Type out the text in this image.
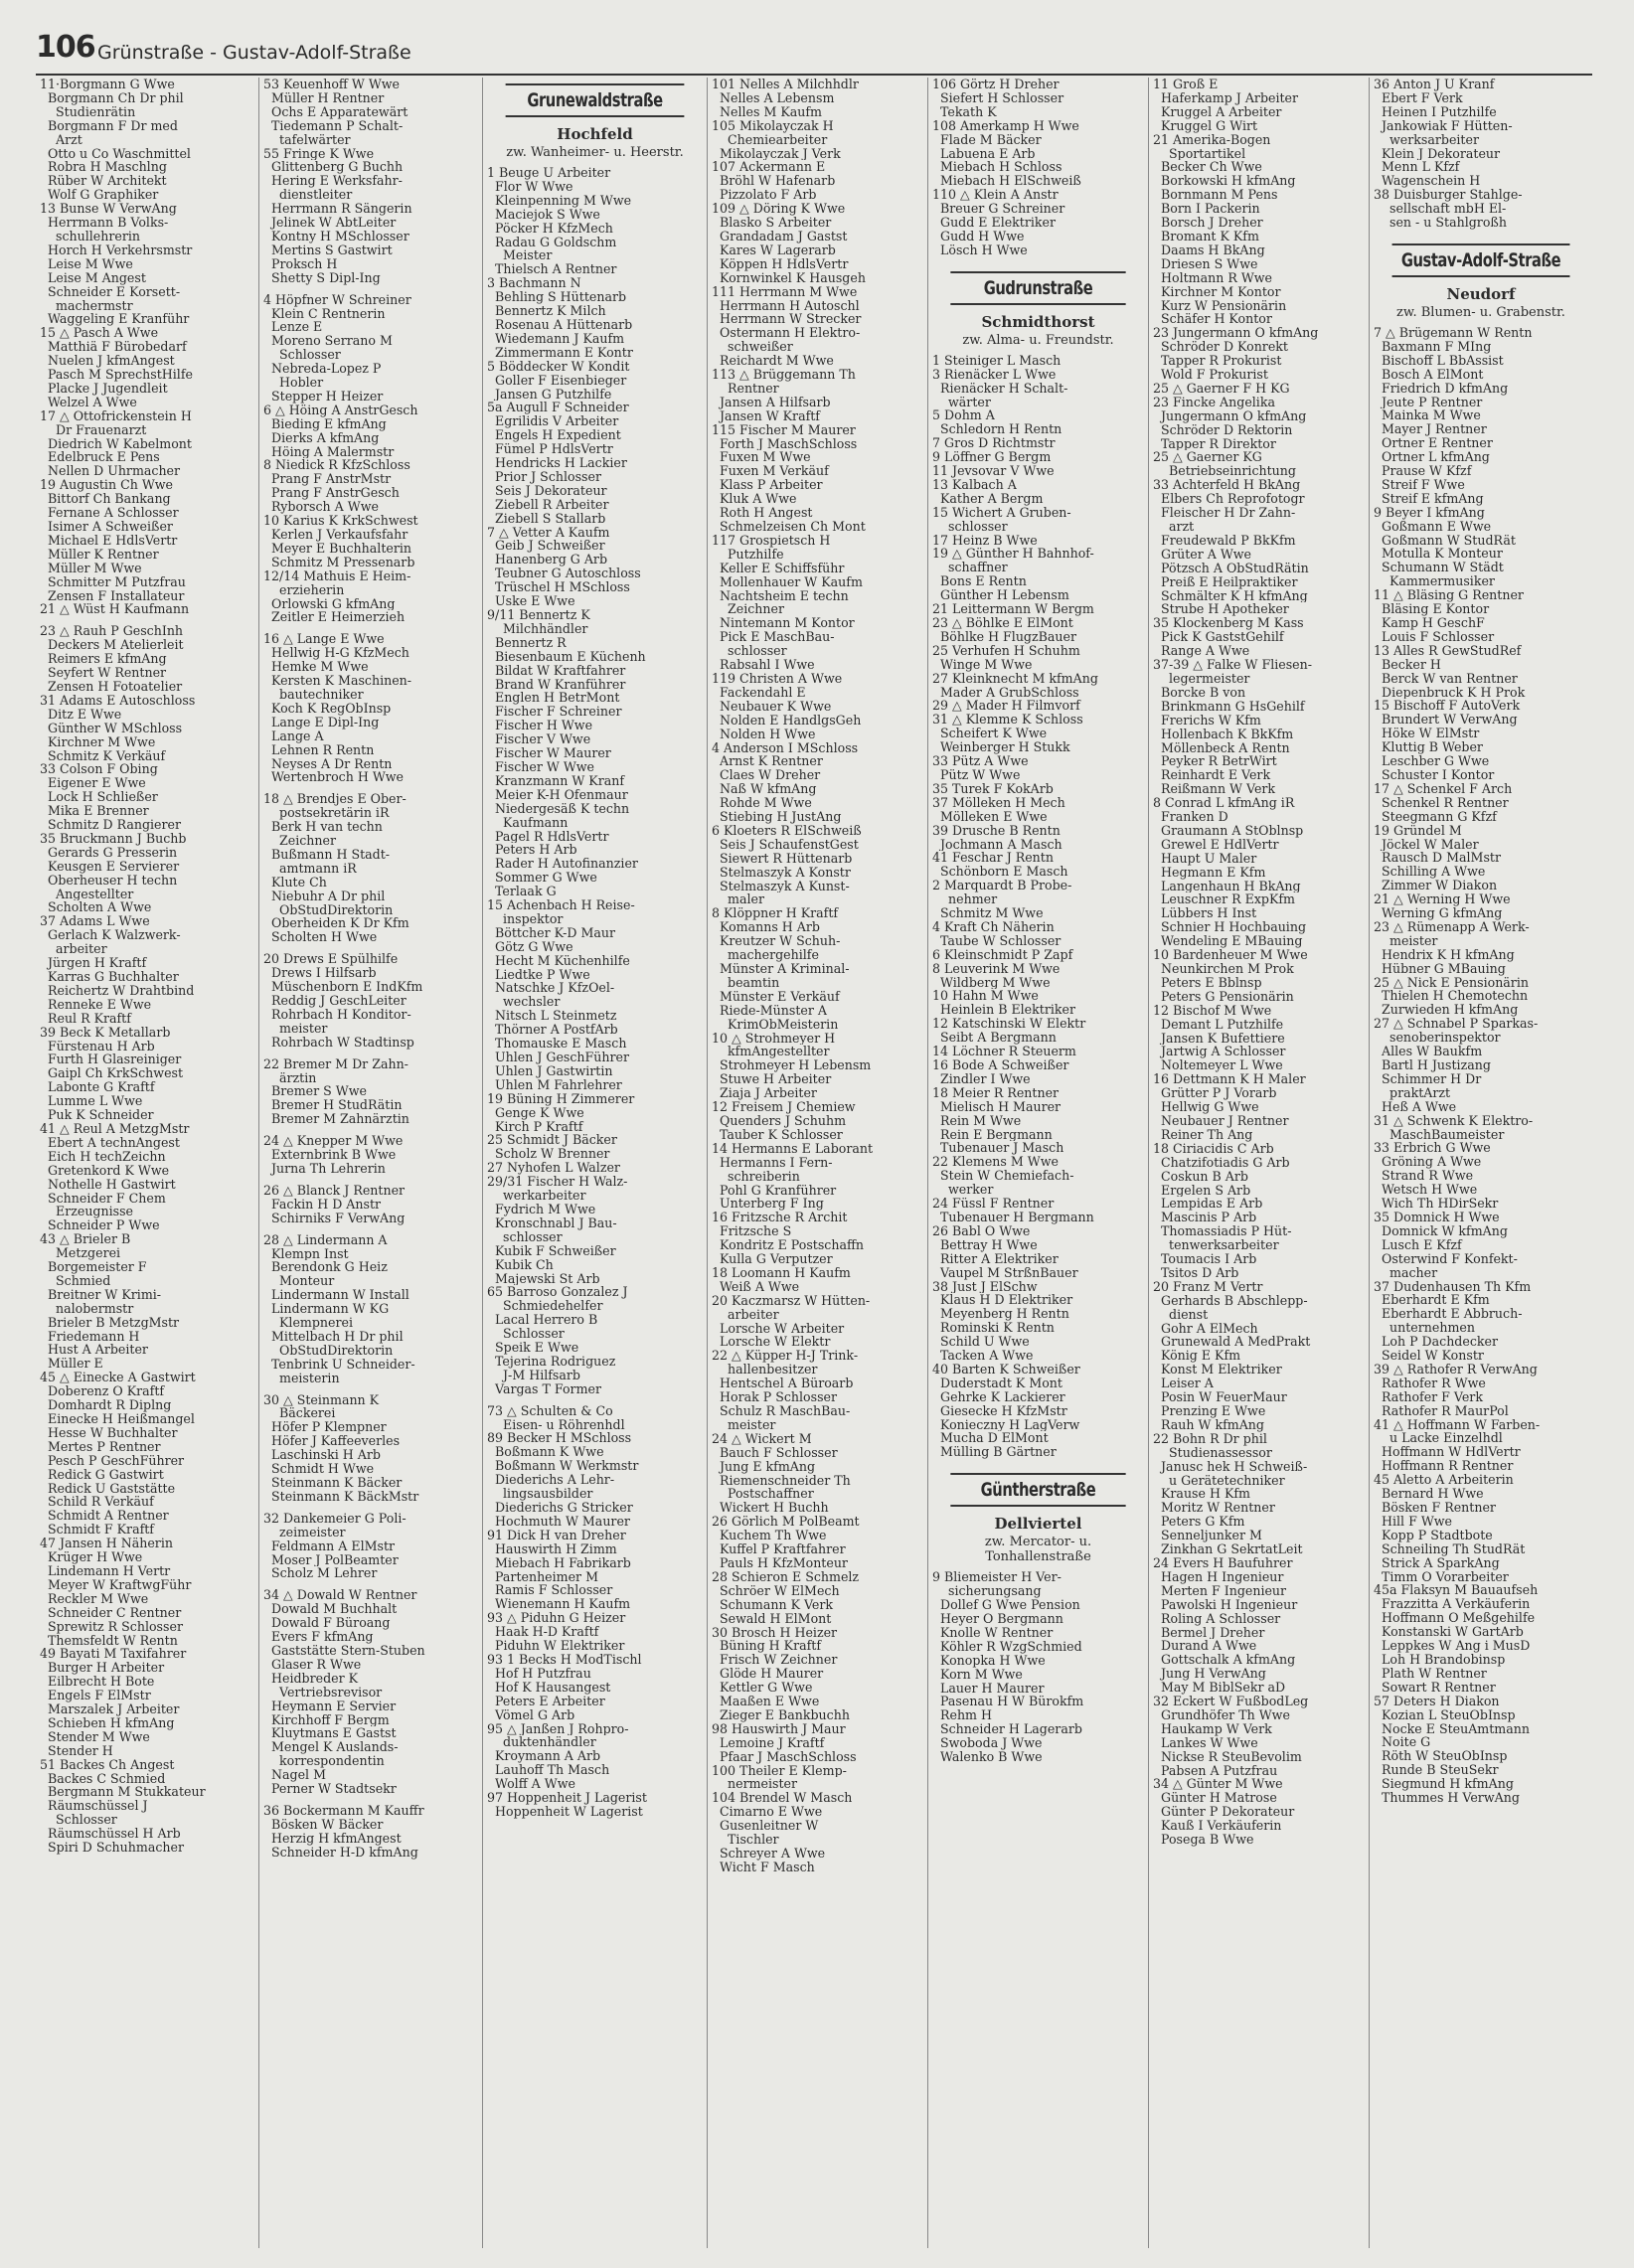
106 Grünstraße - Gustav-Adolf-Straße
11·Borgmann G Wwe
Borgmann Ch Dr phil
Studienrätin
Borgmann F Dr med
Arzt
Otto u Co Waschmittel
Robra H Maschlng
Rüber W Architekt
Wolf G Graphiker
13 Bunse W VerwAng
Herrmann B Volks-
schullehrerin
Horch H Verkehrsmstr
Leise M Wwe
Leise M Angest
Schneider E Korsett-
machermstr
Waggeling E Kranführ
15 △ Pasch A Wwe
Matthiä F Bürobedarf
Nuelen J kfmAngest
Pasch M SprechstHilfe
Placke J Jugendleit
Welzel A Wwe
17 △ Ottofrickenstein H
Dr Frauenarzt
Diedrich W Kabelmont
Edelbruck E Pens
Nellen D Uhrmacher
19 Augustin Ch Wwe
Bittorf Ch Bankang
Fernane A Schlosser
Isimer A Schweißer
Michael E HdlsVertr
Müller K Rentner
Müller M Wwe
Schmitter M Putzfrau
Zensen F Installateur
21 △ Wüst H Kaufmann
23 △ Rauh P GeschInh
Deckers M Atelierleit
Reimers E kfmAng
Seyfert W Rentner
Zensen H Fotoatelier
31 Adams E Autoschloss
Ditz E Wwe
Günther W MSchloss
Kirchner M Wwe
Schmitz K Verkäuf
33 Colson F Obing
Eigener E Wwe
Lock H Schließer
Mika E Brenner
Schmitz D Rangierer
35 Bruckmann J Buchb
Gerards G Presserin
Keusgen E Servierer
Oberheuser H techn
Angestellter
Scholten A Wwe
37 Adams L Wwe
Gerlach K Walzwerk-
arbeiter
Jürgen H Kraftf
Karras G Buchhalter
Reichertz W Drahtbind
Renneke E Wwe
Reul R Kraftf
39 Beck K Metallarb
Fürstenau H Arb
Furth H Glasreiniger
Gaipl Ch KrkSchwest
Labonte G Kraftf
Lumme L Wwe
Puk K Schneider
41 △ Reul A MetzgMstr
Ebert A technAngest
Eich H techZeichn
Gretenkord K Wwe
Nothelle H Gastwirt
Schneider F Chem
Erzeugnisse
Schneider P Wwe
43 △ Brieler B
Metzgerei
Borgemeister F
Schmied
Breitner W Krimi-
nalobermstr
Brieler B MetzgMstr
Friedemann H
Hust A Arbeiter
Müller E
45 △ Einecke A Gastwirt
Doberenz O Kraftf
Domhardt R Diplng
Einecke H Heißmangel
Hesse W Buchhalter
Mertes P Rentner
Pesch P GeschFührer
Redick G Gastwirt
Redick U Gaststätte
Schild R Verkäuf
Schmidt A Rentner
Schmidt F Kraftf
47 Jansen H Näherin
Krüger H Wwe
Lindemann H Vertr
Meyer W KraftwgFühr
Reckler M Wwe
Schneider C Rentner
Sprewitz R Schlosser
Themsfeldt W Rentn
49 Bayati M Taxifahrer
Burger H Arbeiter
Eilbrecht H Bote
Engels F ElMstr
Marszalek J Arbeiter
Schieben H kfmAng
Stender M Wwe
Stender H
51 Backes Ch Angest
Backes C Schmied
Bergmann M Stukkateur
Räumschüssel J
Schlosser
Räumschüssel H Arb
Spiri D Schuhmacher
53 Keuenhoff W Wwe
Müller H Rentner
Ochs E Apparatewärt
Tiedemann P Schalt-
tafelwärter
55 Fringe K Wwe
Glittenberg G Buchh
Hering E Werksfahr-
dienstleiter
Herrmann R Sängerin
Jelinek W AbtLeiter
Kontny H MSchlosser
Mertins S Gastwirt
Proksch H
Shetty S Dipl-Ing
4 Höpfner W Schreiner
Klein C Rentnerin
Lenze E
Moreno Serrano M
Schlosser
Nebreda-Lopez P
Hobler
Stepper H Heizer
6 △ Höing A AnstrGesch
Bieding E kfmAng
Dierks A kfmAng
Höing A Malermstr
8 Niedick R KfzSchloss
Prang F AnstrMstr
Prang F AnstrGesch
Ryborsch A Wwe
10 Karius K KrkSchwest
Kerlen J Verkaufsfahr
Meyer E Buchhalterin
Schmitz M Pressenarb
12/14 Mathuis E Heim-
erzieherin
Orlowski G kfmAng
Zeitler E Heimerzieh
16 △ Lange E Wwe
Hellwig H-G KfzMech
Hemke M Wwe
Kersten K Maschinen-
bautechniker
Koch K RegObInsp
Lange E Dipl-Ing
Lange A
Lehnen R Rentn
Neyses A Dr Rentn
Wertenbroch H Wwe
18 △ Brendjes E Ober-
postsekretärin iR
Berk H van techn
Zeichner
Bußmann H Stadt-
amtmann iR
Klute Ch
Niebuhr A Dr phil
ObStudDirektorin
Oberheiden K Dr Kfm
Scholten H Wwe
20 Drews E Spülhilfe
Drews I Hilfsarb
Müschenborn E IndKfm
Reddig J GeschLeiter
Rohrbach H Konditor-
meister
Rohrbach W Stadtinsp
22 Bremer M Dr Zahn-
ärztin
Bremer S Wwe
Bremer H StudRätin
Bremer M Zahnärztin
24 △ Knepper M Wwe
Externbrink B Wwe
Jurna Th Lehrerin
26 △ Blanck J Rentner
Fackin H D Anstr
Schirniks F VerwAng
28 △ Lindermann A
Klempn Inst
Berendonk G Heiz
Monteur
Lindermann W Install
Lindermann W KG
Klempnerei
Mittelbach H Dr phil
ObStudDirektorin
Tenbrink U Schneider-
meisterin
30 △ Steinmann K
Bäckerei
Höfer P Klempner
Höfer J Kaffeeverles
Laschinski H Arb
Schmidt H Wwe
Steinmann K Bäcker
Steinmann K BäckMstr
32 Dankemeier G Poli-
zeimeister
Feldmann A ElMstr
Moser J PolBeamter
Scholz M Lehrer
34 △ Dowald W Rentner
Dowald M Buchhalt
Dowald F Büroang
Evers F kfmAng
Gaststätte Stern-Stuben
Glaser R Wwe
Heidbreder K
Vertriebsrevisor
Heymann E Servier
Kirchhoff F Bergm
Kluytmans E Gastst
Mengel K Auslands-
korrespondentin
Nagel M
Perner W Stadtsekr
36 Bockermann M Kauffr
Bösken W Bäcker
Herzig H kfmAngest
Schneider H-D kfmAng
Grunewaldstraße
Hochfeld
zw. Wanheimer- u. Heerstr.
1 Beuge U Arbeiter
Flor W Wwe
Kleinpenning M Wwe
Maciejok S Wwe
Pöcker H KfzMech
Radau G Goldschm
Meister
Thielsch A Rentner
3 Bachmann N
Behling S Hüttenarb
Bennertz K Milch
Rosenau A Hüttenarb
Wiedemann J Kaufm
Zimmermann E Kontr
5 Böddecker W Kondit
Goller F Eisenbieger
Jansen G Putzhilfe
5a Augull F Schneider
Egrilidis V Arbeiter
Engels H Expedient
Fümel P HdlsVertr
Hendricks H Lackier
Prior J Schlosser
Seis J Dekorateur
Ziebell R Arbeiter
Ziebell S Stallarb
7 △ Vetter A Kaufm
Geib J Schweißer
Hanenberg G Arb
Teubner G Autoschloss
Trüschel H MSchloss
Uske E Wwe
9/11 Bennertz K
Milchhändler
Bennertz R
Biesenbaum E Küchenh
Bildat W Kraftfahrer
Brand W Kranführer
Englen H BetrMont
Fischer F Schreiner
Fischer H Wwe
Fischer V Wwe
Fischer W Maurer
Fischer W Wwe
Kranzmann W Kranf
Meier K-H Ofenmaur
Niedergesäß K techn
Kaufmann
Pagel R HdlsVertr
Peters H Arb
Rader H Autofinanzier
Sommer G Wwe
Terlaak G
15 Achenbach H Reise-
inspektor
Böttcher K-D Maur
Götz G Wwe
Hecht M Küchenhilfe
Liedtke P Wwe
Natschke J KfzOel-
wechsler
Nitsch L Steinmetz
Thörner A PostfArb
Thomauske E Masch
Uhlen J GeschFührer
Uhlen J Gastwirtin
Uhlen M Fahrlehrer
19 Büning H Zimmerer
Genge K Wwe
Kirch P Kraftf
25 Schmidt J Bäcker
Scholz W Brenner
27 Nyhofen L Walzer
29/31 Fischer H Walz-
werkarbeiter
Fydrich M Wwe
Kronschnabl J Bau-
schlosser
Kubik F Schweißer
Kubik Ch
Majewski St Arb
65 Barroso Gonzalez J
Schmiedehelfer
Lacal Herrero B
Schlosser
Speik E Wwe
Tejerina Rodriguez
J-M Hilfsarb
Vargas T Former
73 △ Schulten & Co
Eisen- u Röhrenhdl
89 Becker H MSchloss
Boßmann K Wwe
Boßmann W Werkmstr
Diederichs A Lehr-
lingsausbilder
Diederichs G Stricker
Hochmuth W Maurer
91 Dick H van Dreher
Hauswirth H Zimm
Miebach H Fabrikarb
Partenheimer M
Ramis F Schlosser
Wienemann H Kaufm
93 △ Piduhn G Heizer
Haak H-D Kraftf
Piduhn W Elektriker
93 1 Becks H ModTischl
Hof H Putzfrau
Hof K Hausangest
Peters E Arbeiter
Vömel G Arb
95 △ Janßen J Rohpro-
duktenhändler
Kroymann A Arb
Lauhoff Th Masch
Wolff A Wwe
97 Hoppenheit J Lagerist
Hoppenheit W Lagerist
101 Nelles A Milchhdlr
Nelles A Lebensm
Nelles M Kaufm
105 Mikolayczak H
Chemiearbeiter
Mikolayczak J Verk
107 Ackermann E
Bröhl W Hafenarb
Pizzolato F Arb
109 △ Döring K Wwe
Blasko S Arbeiter
Grandadam J Gastst
Kares W Lagerarb
Köppen H HdlsVertr
Kornwinkel K Hausgeh
111 Herrmann M Wwe
Herrmann H Autoschl
Herrmann W Strecker
Ostermann H Elektro-
schweißer
Reichardt M Wwe
113 △ Brüggemann Th
Rentner
Jansen A Hilfsarb
Jansen W Kraftf
115 Fischer M Maurer
Forth J MaschSchloss
Fuxen M Wwe
Fuxen M Verkäuf
Klass P Arbeiter
Kluk A Wwe
Roth H Angest
Schmelzeisen Ch Mont
117 Grospietsch H
Putzhilfe
Keller E Schiffsführ
Mollenhauer W Kaufm
Nachtsheim E techn
Zeichner
Nintemann M Kontor
Pick E MaschBau-
schlosser
Rabsahl I Wwe
119 Christen A Wwe
Fackendahl E
Neubauer K Wwe
Nolden E HandlgsGeh
Nolden H Wwe
4 Anderson I MSchloss
Arnst K Rentner
Claes W Dreher
Naß W kfmAng
Rohde M Wwe
Stiebing H JustAng
6 Kloeters R ElSchweiß
Seis J SchaufenstGest
Siewert R Hüttenarb
Stelmaszyk A Konstr
Stelmaszyk A Kunst-
maler
8 Klöppner H Kraftf
Komanns H Arb
Kreutzer W Schuh-
machergehilfe
Münster A Kriminal-
beamtin
Münster E Verkäuf
Riede-Münster A
KrimObMeisterin
10 △ Strohmeyer H
kfmAngestellter
Strohmeyer H Lebensm
Stuwe H Arbeiter
Ziaja J Arbeiter
12 Freisem J Chemiew
Quenders J Schuhm
Tauber K Schlosser
14 Hermanns E Laborant
Hermanns I Fern-
schreiberin
Pohl G Kranführer
Unterberg F Ing
16 Fritzsche R Archit
Fritzsche S
Kondritz E Postschaffn
Kulla G Verputzer
18 Loomann H Kaufm
Weiß A Wwe
20 Kaczmarsz W Hütten-
arbeiter
Lorsche W Arbeiter
Lorsche W Elektr
22 △ Küpper H-J Trink-
hallenbesitzer
Hentschel A Büroarb
Horak P Schlosser
Schulz R MaschBau-
meister
24 △ Wickert M
Bauch F Schlosser
Jung E kfmAng
Riemenschneider Th
Postschaffner
Wickert H Buchh
26 Görlich M PolBeamt
Kuchem Th Wwe
Kuffel P Kraftfahrer
Pauls H KfzMonteur
28 Schieron E Schmelz
Schröer W ElMech
Schumann K Verk
Sewald H ElMont
30 Brosch H Heizer
Büning H Kraftf
Frisch W Zeichner
Glöde H Maurer
Kettler G Wwe
Maaßen E Wwe
Zieger E Bankbuchh
98 Hauswirth J Maur
Lemoine J Kraftf
Pfaar J MaschSchloss
100 Theiler E Klemp-
nermeister
104 Brendel W Masch
Cimarno E Wwe
Gusenleitner W
Tischler
Schreyer A Wwe
Wicht F Masch
106 Görtz H Dreher
Siefert H Schlosser
Tekath K
108 Amerkamp H Wwe
Flade M Bäcker
Labuena E Arb
Miebach H Schloss
Miebach H ElSchweiß
110 △ Klein A Anstr
Breuer G Schreiner
Gudd E Elektriker
Gudd H Wwe
Lösch H Wwe
Gudrunstraße
Schmidthorst
zw. Alma- u. Freundstr.
1 Steiniger L Masch
3 Rienäcker L Wwe
Rienäcker H Schalt-
wärter
5 Dohm A
Schledorn H Rentn
7 Gros D Richtmstr
9 Löffner G Bergm
11 Jevsovar V Wwe
13 Kalbach A
Kather A Bergm
15 Wichert A Gruben-
schlosser
17 Heinz B Wwe
19 △ Günther H Bahnhof-
schaffner
Bons E Rentn
Günther H Lebensm
21 Leittermann W Bergm
23 △ Böhlke E ElMont
Böhlke H FlugzBauer
25 Verhufen H Schuhm
Winge M Wwe
27 Kleinknecht M kfmAng
Mader A GrubSchloss
29 △ Mader H Filmvorf
31 △ Klemme K Schloss
Scheifert K Wwe
Weinberger H Stukk
33 Pütz A Wwe
Pütz W Wwe
35 Turek F KokArb
37 Mölleken H Mech
Mölleken E Wwe
39 Drusche B Rentn
Jochmann A Masch
41 Feschar J Rentn
Schönborn E Masch
2 Marquardt B Probe-
nehmer
Schmitz M Wwe
4 Kraft Ch Näherin
Taube W Schlosser
6 Kleinschmidt P Zapf
8 Leuverink M Wwe
Wildberg M Wwe
10 Hahn M Wwe
Heinlein B Elektriker
12 Katschinski W Elektr
Seibt A Bergmann
14 Löchner R Steuerm
16 Bode A Schweißer
Zindler I Wwe
18 Meier R Rentner
Mielisch H Maurer
Rein M Wwe
Rein E Bergmann
Tubenauer J Masch
22 Klemens M Wwe
Stein W Chemiefach-
werker
24 Füssl F Rentner
Tubenauer H Bergmann
26 Babl O Wwe
Bettray H Wwe
Ritter A Elektriker
Vaupel M StrßnBauer
38 Just J ElSchw
Klaus H D Elektriker
Meyenberg H Rentn
Rominski K Rentn
Schild U Wwe
Tacken A Wwe
40 Barten K Schweißer
Duderstadt K Mont
Gehrke K Lackierer
Giesecke H KfzMstr
Konieczny H LagVerw
Mucha D ElMont
Mülling B Gärtner
Güntherstraße
Dellviertel
zw. Mercator- u. Tonhallenstraße
9 Bliemeister H Ver-
sicherungsang
Dollef G Wwe Pension
Heyer O Bergmann
Knolle W Rentner
Köhler R WzgSchmied
Konopka H Wwe
Korn M Wwe
Lauer H Maurer
Pasenau H W Bürokfm
Rehm H
Schneider H Lagerarb
Swoboda J Wwe
Walenko B Wwe
11 Groß E
Haferkamp J Arbeiter
Kruggel A Arbeiter
Kruggel G Wirt
21 Amerika-Bogen
Sportartikel
Becker Ch Wwe
Borkowski H kfmAng
Bornmann M Pens
Born I Packerin
Borsch J Dreher
Bromant K Kfm
Daams H BkAng
Driesen S Wwe
Holtmann R Wwe
Kirchner M Kontor
Kurz W Pensionärin
Schäfer H Kontor
23 Jungermann O kfmAng
Schröder D Konrekt
Tapper R Prokurist
Wold F Prokurist
25 △ Gaerner F H KG
23 Fincke Angelika
Jungermann O kfmAng
Schröder D Rektorin
Tapper R Direktor
25 △ Gaerner KG
Betriebseinrichtung
33 Achterfeld H BkAng
Elbers Ch Reprofotogr
Fleischer H Dr Zahn-
arzt
Freudewald P BkKfm
Grüter A Wwe
Pötzsch A ObStudRätin
Preiß E Heilpraktiker
Schmälter K H kfmAng
Strube H Apotheker
35 Klockenberg M Kass
Pick K GaststGehilf
Range A Wwe
37-39 △ Falke W Fliesen-
legermeister
Borcke B von
Brinkmann G HsGehilf
Frerichs W Kfm
Hollenbach K BkKfm
Möllenbeck A Rentn
Peyker R BetrWirt
Reinhardt E Verk
Reißmann W Verk
8 Conrad L kfmAng iR
Franken D
Graumann A StOblnsp
Grewel E HdlVertr
Haupt U Maler
Hegmann E Kfm
Langenhaun H BkAng
Leuschner R ExpKfm
Lübbers H Inst
Schnier H Hochbauing
Wendeling E MBauing
10 Bardenheuer M Wwe
Neunkirchen M Prok
Peters E Bblnsp
Peters G Pensionärin
12 Bischof M Wwe
Demant L Putzhilfe
Jansen K Bufettiere
Jartwig A Schlosser
Noltemeyer L Wwe
16 Dettmann K H Maler
Grütter P J Vorarb
Hellwig G Wwe
Neubauer J Rentner
Reiner Th Ang
18 Ciriacidis C Arb
Chatzifotiadis G Arb
Coskun B Arb
Ergelen S Arb
Lempidas E Arb
Mascinis P Arb
Thomassiadis P Hüt-
tenwerksarbeiter
Toumacis I Arb
Tsitos D Arb
20 Franz M Vertr
Gerhards B Abschlepp-
dienst
Gohr A ElMech
Grunewald A MedPrakt
König E Kfm
Konst M Elektriker
Leiser A
Posin W FeuerMaur
Prenzing E Wwe
Rauh W kfmAng
22 Bohn R Dr phil
Studienassessor
Janusc hek H Schweiß-
u Gerätetechniker
Krause H Kfm
Moritz W Rentner
Peters G Kfm
Senneljunker M
Zinkhan G SekrtatLeit
24 Evers H Baufuhrer
Hagen H Ingenieur
Merten F Ingenieur
Pawolski H Ingenieur
Roling A Schlosser
Bermel J Dreher
Durand A Wwe
Gottschalk A kfmAng
Jung H VerwAng
May M BiblSekr aD
32 Eckert W FußbodLeg
Grundhöfer Th Wwe
Haukamp W Verk
Lankes W Wwe
Nickse R SteuBevolim
Pabsen A Putzfrau
34 △ Günter M Wwe
Günter H Matrose
Günter P Dekorateur
Kauß I Verkäuferin
Posega B Wwe
36 Anton J U Kranf
Ebert F Verk
Heinen I Putzhilfe
Jankowiak F Hütten-
werksarbeiter
Klein J Dekorateur
Menn L Kfzf
Wagenschein H
38 Duisburger Stahlge-
sellschaft mbH El-
sen - u Stahlgroßh
Gustav-Adolf-Straße
Neudorf
zw. Blumen- u. Grabenstr.
7 △ Brügemann W Rentn
Baxmann F MIng
Bischoff L BbAssist
Bosch A ElMont
Friedrich D kfmAng
Jeute P Rentner
Mainka M Wwe
Mayer J Rentner
Ortner E Rentner
Ortner L kfmAng
Prause W Kfzf
Streif F Wwe
Streif E kfmAng
9 Beyer I kfmAng
Goßmann E Wwe
Goßmann W StudRät
Motulla K Monteur
Schumann W Städt
Kammermusiker
11 △ Bläsing G Rentner
Bläsing E Kontor
Kamp H GeschF
Louis F Schlosser
13 Alles R GewStudRef
Becker H
Berck W van Rentner
Diepenbruck K H Prok
15 Bischoff F AutoVerk
Brundert W VerwAng
Höke W ElMstr
Kluttig B Weber
Leschber G Wwe
Schuster I Kontor
17 △ Schenkel F Arch
Schenkel R Rentner
Steegmann G Kfzf
19 Gründel M
Jöckel W Maler
Rausch D MalMstr
Schilling A Wwe
Zimmer W Diakon
21 △ Werning H Wwe
Werning G kfmAng
23 △ Rümenapp A Werk-
meister
Hendrix K H kfmAng
Hübner G MBauing
25 △ Nick E Pensionärin
Thielen H Chemotechn
Zurwieden H kfmAng
27 △ Schnabel P Sparkas-
senoberinspektor
Alles W Baukfm
Bartl H Justizang
Schimmer H Dr
praktArzt
Heß A Wwe
31 △ Schwenk K Elektro-
MaschBaumeister
33 Erbrich G Wwe
Gröning A Wwe
Strand R Wwe
Wetsch H Wwe
Wich Th HDirSekr
35 Domnick H Wwe
Domnick W kfmAng
Lusch E Kfzf
Österwind F Konfekt-
macher
37 Dudenhausen Th Kfm
Eberhardt E Kfm
Eberhardt E Abbruch-
unternehmen
Loh P Dachdecker
Seidel W Konstr
39 △ Rathofer R VerwAng
Rathofer R Wwe
Rathofer F Verk
Rathofer R MaurPol
41 △ Hoffmann W Farben-
u Lacke Einzelhdl
Hoffmann W HdlVertr
Hoffmann R Rentner
45 Aletto A Arbeiterin
Bernard H Wwe
Bösken F Rentner
Hill F Wwe
Kopp P Stadtbote
Schneiling Th StudRät
Strick A SparkAng
Timm O Vorarbeiter
45a Flaksyn M Bauaufseh
Frazzitta A Verkäuferin
Hoffmann O Meßgehilfe
Konstanski W GartArb
Leppkes W Ang i MusD
Loh H Brandobinsp
Plath W Rentner
Sowart R Rentner
57 Deters H Diakon
Kozian L SteuObInsp
Nocke E SteuAmtmann
Noite G
Röth W SteuObInsp
Runde B SteuSekr
Siegmund H kfmAng
Thummes H VerwAng
